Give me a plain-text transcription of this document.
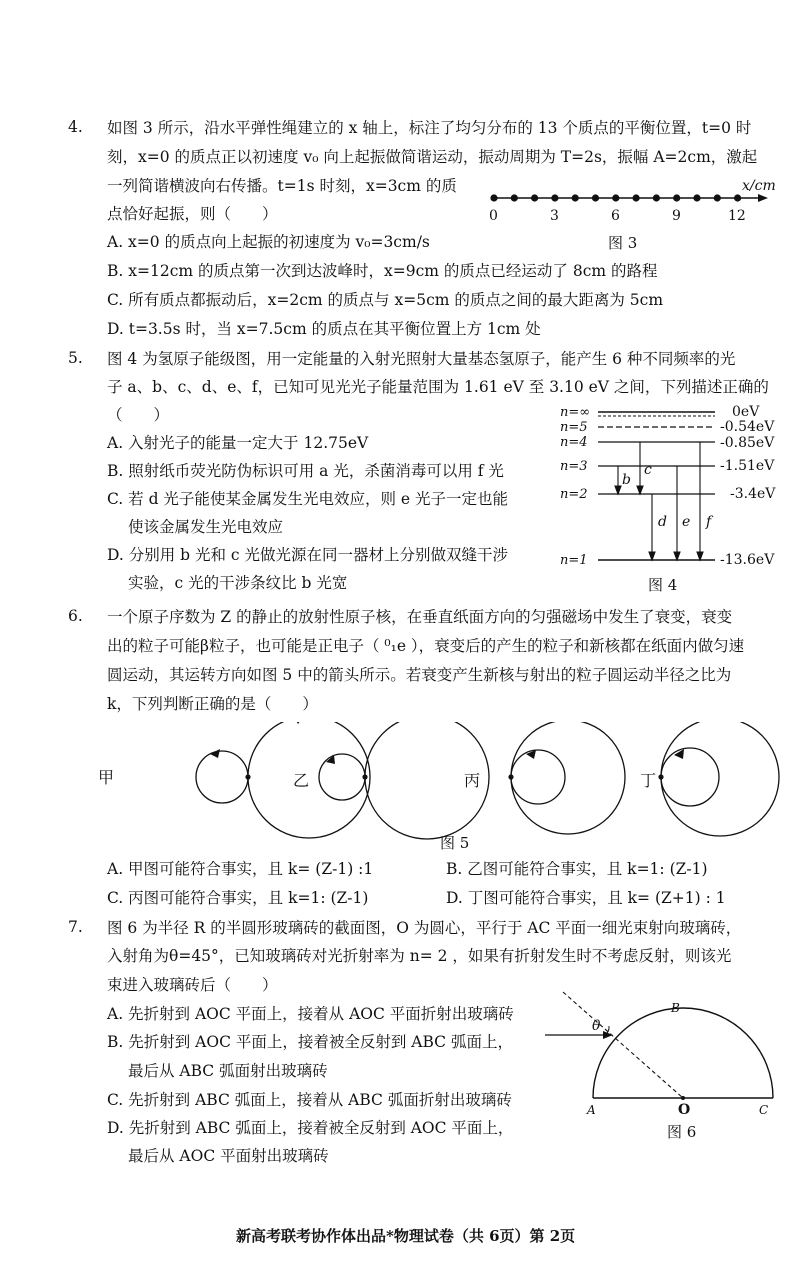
4. 如图 3 所示，沿水平弹性绳建立的 x 轴上，标注了均匀分布的 13 个质点的平衡位置，t=0 时
刻，x=0 的质点正以初速度 v₀ 向上起振做简谐运动，振动周期为 T=2s，振幅 A=2cm，激起
一列简谐横波向右传播。t=1s 时刻，x=3cm 的质
点恰好起振，则（　　）
A. x=0 的质点向上起振的初速度为 v₀=3cm/s
B. x=12cm 的质点第一次到达波峰时，x=9cm 的质点已经运动了 8cm 的路程
C. 所有质点都振动后，x=2cm 的质点与 x=5cm 的质点之间的最大距离为 5cm
D. t=3.5s 时，当 x=7.5cm 的质点在其平衡位置上方 1cm 处
x/cm
0	3	6	9	12
图 3
5. 图 4 为氢原子能级图，用一定能量的入射光照射大量基态氢原子，能产生 6 种不同频率的光
子 a、b、c、d、e、f，已知可见光光子能量范围为 1.61 eV 至 3.10 eV 之间，下列描述正确的
（　　）
A. 入射光子的能量一定大于 12.75eV
B. 照射纸币荧光防伪标识可用 a 光，杀菌消毒可以用 f 光
C. 若 d 光子能使某金属发生光电效应，则 e 光子一定也能
使该金属发生光电效应
D. 分别用 b 光和 c 光做光源在同一器材上分别做双缝干涉
实验，c 光的干涉条纹比 b 光宽
n=∞
n=5
n=4
n=3
n=2
n=1
0eV
-0.54eV
-0.85eV
-1.51eV
-3.4eV
-13.6eV
b
c
d e f
图 4
6. 一个原子序数为 Z 的静止的放射性原子核，在垂直纸面方向的匀强磁场中发生了衰变，衰变
出的粒子可能β粒子，也可能是正电子（ ⁰₁e ），衰变后的产生的粒子和新核都在纸面内做匀速
圆运动，其运转方向如图 5 中的箭头所示。若衰变产生新核与射出的粒子圆运动半径之比为
k，下列判断正确的是（　　）
甲	乙	丙	丁
图 5
A. 甲图可能符合事实，且 k= (Z-1) :1	B. 乙图可能符合事实，且 k=1: (Z-1)
C. 丙图可能符合事实，且 k=1: (Z-1)	D. 丁图可能符合事实，且 k= (Z+1) : 1
7. 图 6 为半径 R 的半圆形玻璃砖的截面图，O 为圆心，平行于 AC 平面一细光束射向玻璃砖，
入射角为θ=45°，已知玻璃砖对光折射率为 n= 2 ，如果有折射发生时不考虑反射，则该光
束进入玻璃砖后（　　）
A. 先折射到 AOC 平面上，接着从 AOC 平面折射出玻璃砖
B. 先折射到 AOC 平面上，接着被全反射到 ABC 弧面上，
最后从 ABC 弧面射出玻璃砖
C. 先折射到 ABC 弧面上，接着从 ABC 弧面折射出玻璃砖
D. 先折射到 ABC 弧面上，接着被全反射到 AOC 平面上，
最后从 AOC 平面射出玻璃砖
θ
B
A	O	C
图 6
新高考联考协作体出品*物理试卷（共 6页）第 2页
